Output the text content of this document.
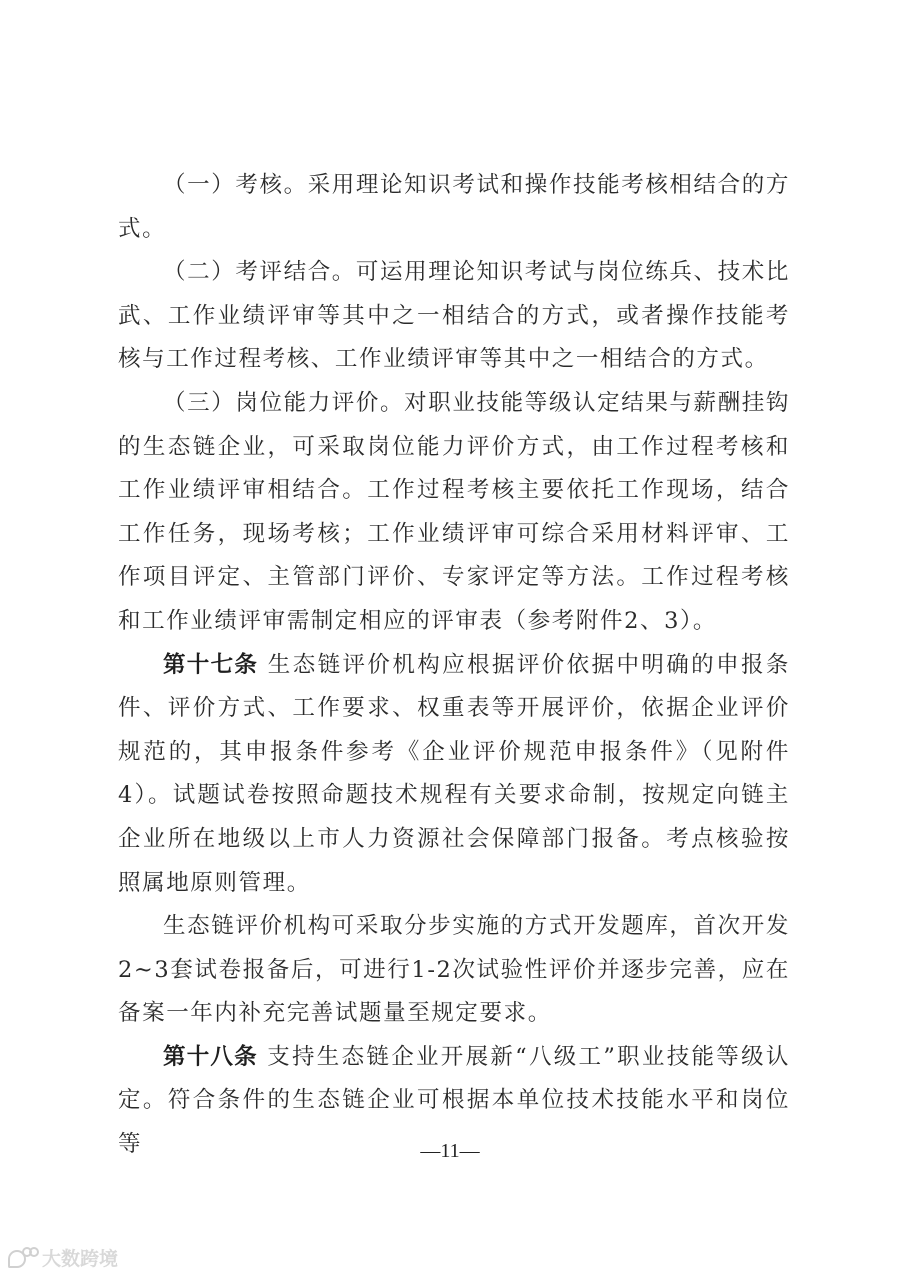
（一）考核。采用理论知识考试和操作技能考核相结合的方式。

（二）考评结合。可运用理论知识考试与岗位练兵、技术比武、工作业绩评审等其中之一相结合的方式，或者操作技能考核与工作过程考核、工作业绩评审等其中之一相结合的方式。

（三）岗位能力评价。对职业技能等级认定结果与薪酬挂钩的生态链企业，可采取岗位能力评价方式，由工作过程考核和工作业绩评审相结合。工作过程考核主要依托工作现场，结合工作任务，现场考核；工作业绩评审可综合采用材料评审、工作项目评定、主管部门评价、专家评定等方法。工作过程考核和工作业绩评审需制定相应的评审表（参考附件2、3）。

第十七条 生态链评价机构应根据评价依据中明确的申报条件、评价方式、工作要求、权重表等开展评价，依据企业评价规范的，其申报条件参考《企业评价规范申报条件》（见附件4）。试题试卷按照命题技术规程有关要求命制，按规定向链主企业所在地级以上市人力资源社会保障部门报备。考点核验按照属地原则管理。

生态链评价机构可采取分步实施的方式开发题库，首次开发2~3套试卷报备后，可进行1-2次试验性评价并逐步完善，应在备案一年内补充完善试题量至规定要求。

第十八条 支持生态链企业开展新“八级工”职业技能等级认定。符合条件的生态链企业可根据本单位技术技能水平和岗位等	—11—
大数跨境
